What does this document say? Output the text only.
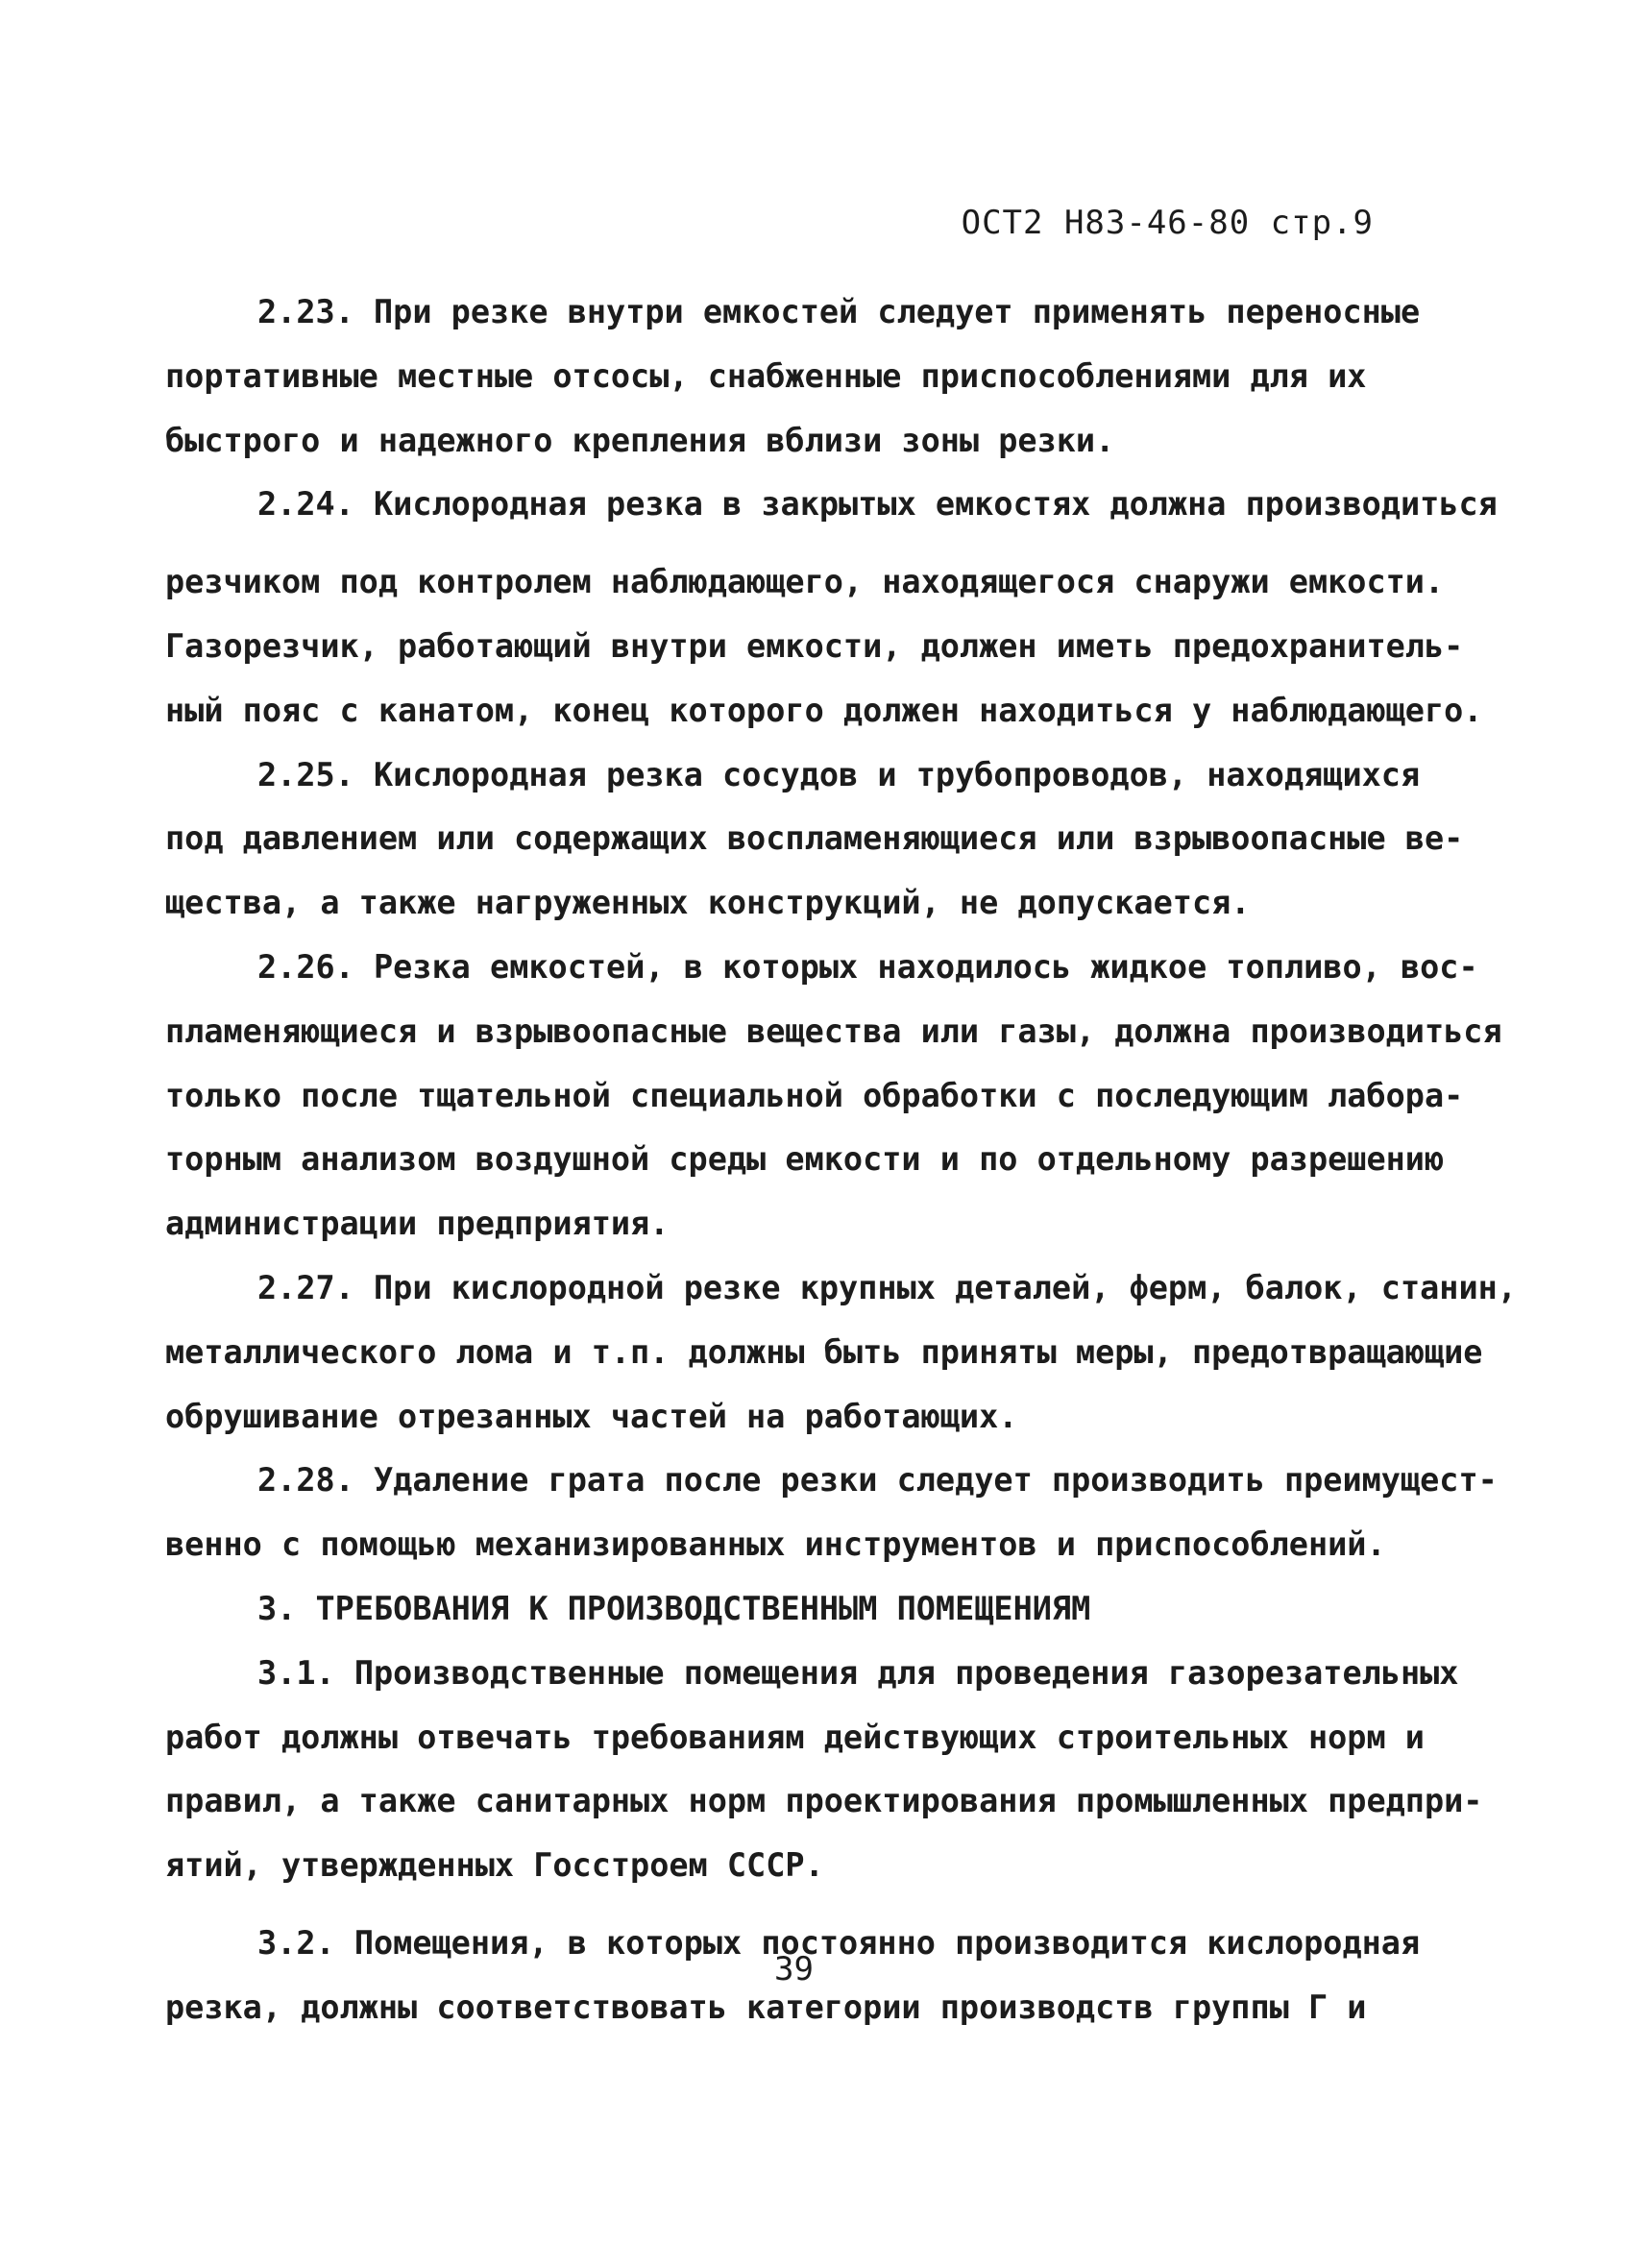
ОСТ2 Н83-46-80 стр.9
2.23. При резке внутри емкостей следует применять переносные
портативные местные отсосы, снабженные приспособлениями для их
быстрого и надежного крепления вблизи зоны резки.
2.24. Кислородная резка в закрытых емкостях должна производиться
резчиком под контролем наблюдающего, находящегося снаружи емкости.
Газорезчик, работающий внутри емкости, должен иметь предохранитель-
ный пояс с канатом, конец которого должен находиться у наблюдающего.
2.25. Кислородная резка сосудов и трубопроводов, находящихся
под давлением или содержащих воспламеняющиеся или взрывоопасные ве-
щества, а также нагруженных конструкций, не допускается.
2.26. Резка емкостей, в которых находилось жидкое топливо, вос-
пламеняющиеся и взрывоопасные вещества или газы, должна производиться
только после тщательной специальной обработки с последующим лабора-
торным анализом воздушной среды емкости и по отдельному разрешению
администрации предприятия.
2.27. При кислородной резке крупных деталей, ферм, балок, станин,
металлического лома и т.п. должны быть приняты меры, предотвращающие
обрушивание отрезанных частей на работающих.
2.28. Удаление грата после резки следует производить преимущест-
венно с помощью механизированных инструментов и приспособлений.
3. ТРЕБОВАНИЯ К ПРОИЗВОДСТВЕННЫМ ПОМЕЩЕНИЯМ
3.1. Производственные помещения для проведения газорезательных
работ должны отвечать требованиям действующих строительных норм и
правил, а также санитарных норм проектирования промышленных предпри-
ятий, утвержденных Госстроем СССР.
3.2. Помещения, в которых постоянно производится кислородная
резка, должны соответствовать категории производств группы Г и
39
